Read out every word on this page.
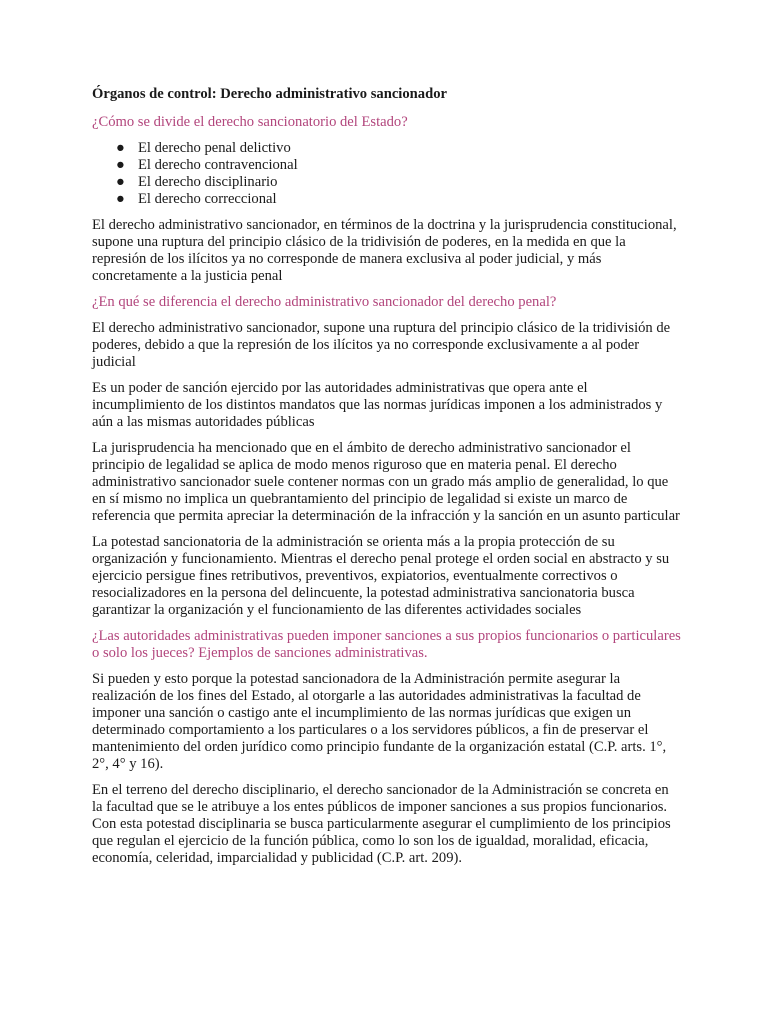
Órganos de control: Derecho administrativo sancionador
¿Cómo se divide el derecho sancionatorio del Estado?
● El derecho penal delictivo
● El derecho contravencional
● El derecho disciplinario
● El derecho correccional
El derecho administrativo sancionador, en términos de la doctrina y la jurisprudencia constitucional, supone una ruptura del principio clásico de la tridivisión de poderes, en la medida en que la represión de los ilícitos ya no corresponde de manera exclusiva al poder judicial, y más concretamente a la justicia penal
¿En qué se diferencia el derecho administrativo sancionador del derecho penal?
El derecho administrativo sancionador, supone una ruptura del principio clásico de la tridivisión de poderes, debido a que la represión de los ilícitos ya no corresponde exclusivamente a al poder judicial
Es un poder de sanción ejercido por las autoridades administrativas que opera ante el incumplimiento de los distintos mandatos que las normas jurídicas imponen a los administrados y aún a las mismas autoridades públicas
La jurisprudencia ha mencionado que en el ámbito de derecho administrativo sancionador el principio de legalidad se aplica de modo menos riguroso que en materia penal. El derecho administrativo sancionador suele contener normas con un grado más amplio de generalidad, lo que en sí mismo no implica un quebrantamiento del principio de legalidad si existe un marco de referencia que permita apreciar la determinación de la infracción y la sanción en un asunto particular
La potestad sancionatoria de la administración se orienta más a la propia protección de su organización y funcionamiento. Mientras el derecho penal protege el orden social en abstracto y su ejercicio persigue fines retributivos, preventivos, expiatorios, eventualmente correctivos o resocializadores en la persona del delincuente, la potestad administrativa sancionatoria busca garantizar la organización y el funcionamiento de las diferentes actividades sociales
¿Las autoridades administrativas pueden imponer sanciones a sus propios funcionarios o particulares o solo los jueces? Ejemplos de sanciones administrativas.
Si pueden y esto porque la potestad sancionadora de la Administración permite asegurar la realización de los fines del Estado, al otorgarle a las autoridades administrativas la facultad de imponer una sanción o castigo ante el incumplimiento de las normas jurídicas que exigen un determinado comportamiento a los particulares o a los servidores públicos, a fin de preservar el mantenimiento del orden jurídico como principio fundante de la organización estatal (C.P. arts. 1°, 2°, 4° y 16).
En el terreno del derecho disciplinario, el derecho sancionador de la Administración se concreta en la facultad que se le atribuye a los entes públicos de imponer sanciones a sus propios funcionarios. Con esta potestad disciplinaria se busca particularmente asegurar el cumplimiento de los principios que regulan el ejercicio de la función pública, como lo son los de igualdad, moralidad, eficacia, economía, celeridad, imparcialidad y publicidad (C.P. art. 209).
